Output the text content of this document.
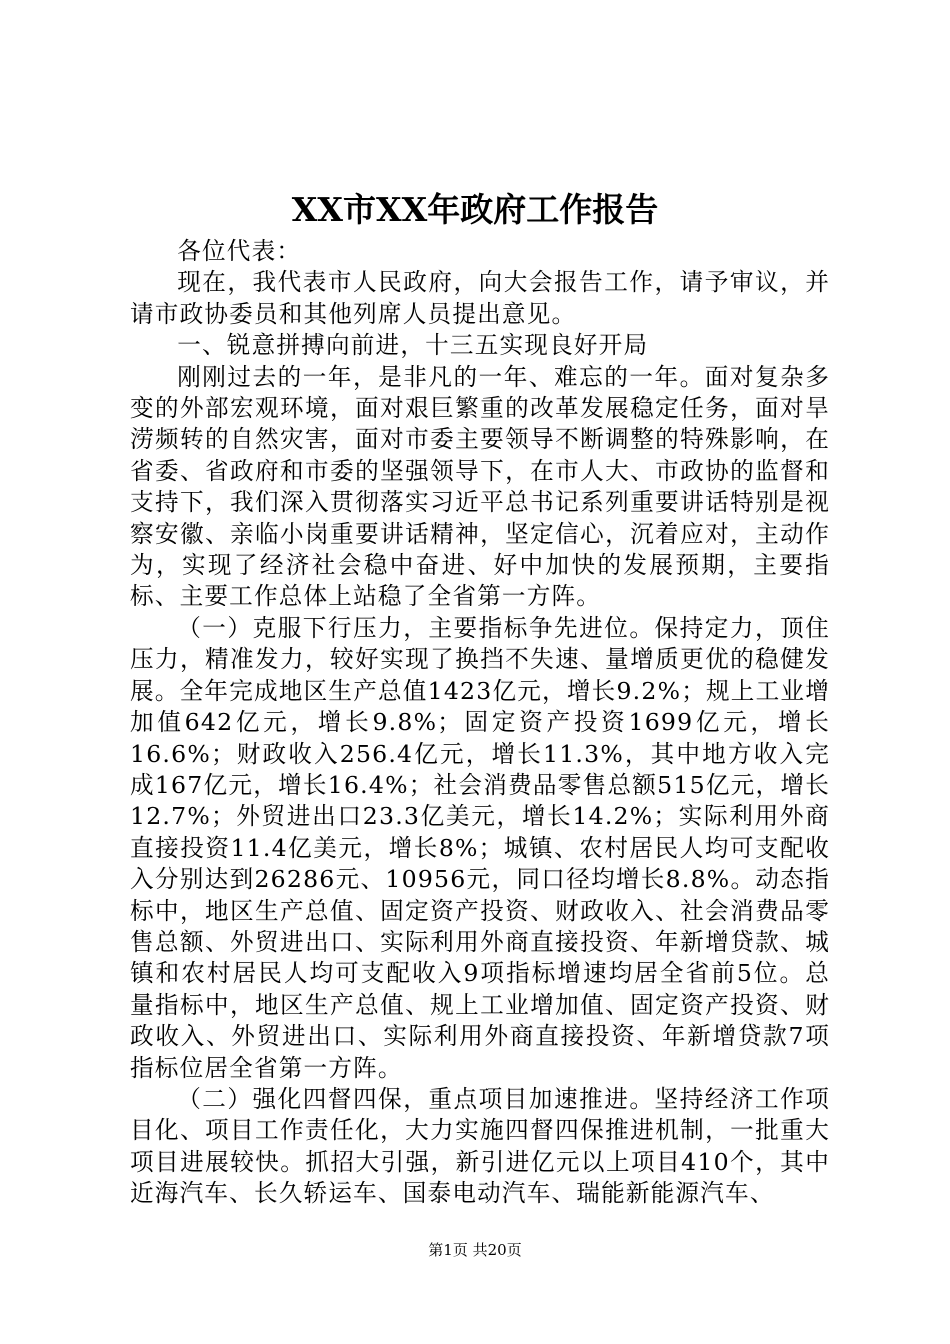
XX市XX年政府工作报告

各位代表：

现在，我代表市人民政府，向大会报告工作，请予审议，并请市政协委员和其他列席人员提出意见。

一、锐意拼搏向前进，十三五实现良好开局

刚刚过去的一年，是非凡的一年、难忘的一年。面对复杂多变的外部宏观环境，面对艰巨繁重的改革发展稳定任务，面对旱涝频转的自然灾害，面对市委主要领导不断调整的特殊影响，在省委、省政府和市委的坚强领导下，在市人大、市政协的监督和支持下，我们深入贯彻落实习近平总书记系列重要讲话特别是视察安徽、亲临小岗重要讲话精神，坚定信心，沉着应对，主动作为，实现了经济社会稳中奋进、好中加快的发展预期，主要指标、主要工作总体上站稳了全省第一方阵。

（一）克服下行压力，主要指标争先进位。保持定力，顶住压力，精准发力，较好实现了换挡不失速、量增质更优的稳健发展。全年完成地区生产总值1423亿元，增长9.2%；规上工业增加值642亿元，增长9.8%；固定资产投资1699亿元，增长16.6%；财政收入256.4亿元，增长11.3%，其中地方收入完成167亿元，增长16.4%；社会消费品零售总额515亿元，增长12.7%；外贸进出口23.3亿美元，增长14.2%；实际利用外商直接投资11.4亿美元，增长8%；城镇、农村居民人均可支配收入分别达到26286元、10956元，同口径均增长8.8%。动态指标中，地区生产总值、固定资产投资、财政收入、社会消费品零售总额、外贸进出口、实际利用外商直接投资、年新增贷款、城镇和农村居民人均可支配收入9项指标增速均居全省前5位。总量指标中，地区生产总值、规上工业增加值、固定资产投资、财政收入、外贸进出口、实际利用外商直接投资、年新增贷款7项指标位居全省第一方阵。

（二）强化四督四保，重点项目加速推进。坚持经济工作项目化、项目工作责任化，大力实施四督四保推进机制，一批重大项目进展较快。抓招大引强，新引进亿元以上项目410个，其中近海汽车、长久轿运车、国泰电动汽车、瑞能新能源汽车、

第1页 共20页
